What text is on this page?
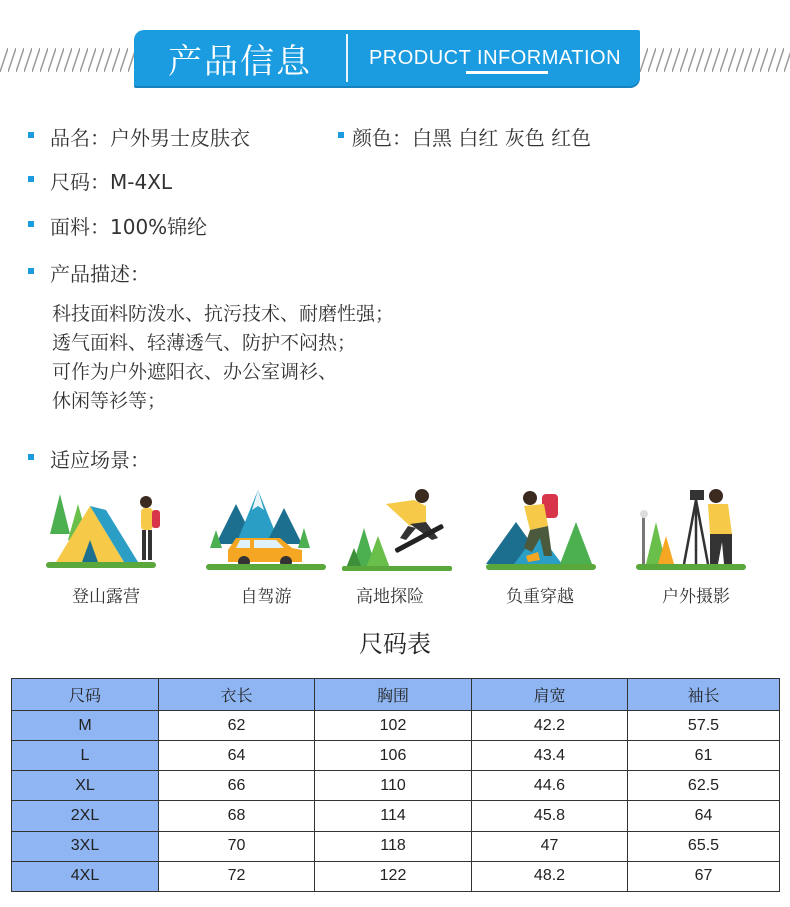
产品信息	PRODUCT INFORMATION
品名：户外男士皮肤衣	颜色：白黑 白红 灰色 红色
尺码：M-4XL
面料：100%锦纶
产品描述：
科技面料防泼水、抗污技术、耐磨性强；
透气面料、轻薄透气、防护不闷热；
可作为户外遮阳衣、办公室调衫、
休闲等衫等；
适应场景：
登山露营	自驾游	高地探险	负重穿越	户外摄影
尺码表
尺码	衣长	胸围	肩宽	袖长
M	62	102	42.2	57.5
L	64	106	43.4	61
XL	66	110	44.6	62.5
2XL	68	114	45.8	64
3XL	70	118	47	65.5
4XL	72	122	48.2	67
